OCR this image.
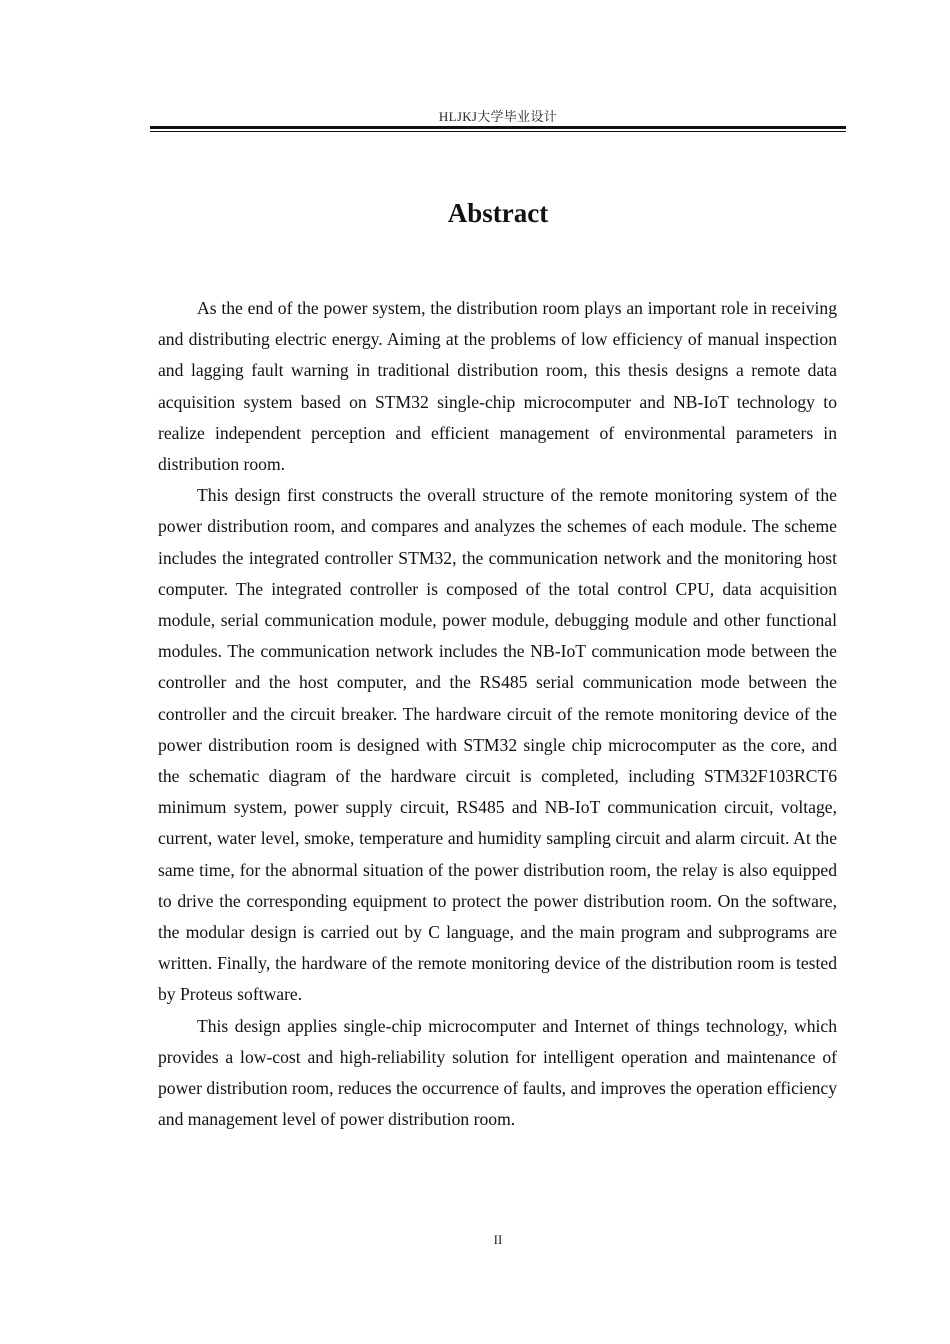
HLJKJ大学毕业设计
Abstract

As the end of the power system, the distribution room plays an important role in receiving and distributing electric energy. Aiming at the problems of low efficiency of manual inspection and lagging fault warning in traditional distribution room, this thesis designs a remote data acquisition system based on STM32 single-chip microcomputer and NB-IoT technology to realize independent perception and efficient management of environmental parameters in distribution room.

This design first constructs the overall structure of the remote monitoring system of the power distribution room, and compares and analyzes the schemes of each module. The scheme includes the integrated controller STM32, the communication network and the monitoring host computer. The integrated controller is composed of the total control CPU, data acquisition module, serial communication module, power module, debugging module and other functional modules. The communication network includes the NB-IoT communication mode between the controller and the host computer, and the RS485 serial communication mode between the controller and the circuit breaker. The hardware circuit of the remote monitoring device of the power distribution room is designed with STM32 single chip microcomputer as the core, and the schematic diagram of the hardware circuit is completed, including STM32F103RCT6 minimum system, power supply circuit, RS485 and NB-IoT communication circuit, voltage, current, water level, smoke, temperature and humidity sampling circuit and alarm circuit. At the same time, for the abnormal situation of the power distribution room, the relay is also equipped to drive the corresponding equipment to protect the power distribution room. On the software, the modular design is carried out by C language, and the main program and subprograms are written. Finally, the hardware of the remote monitoring device of the distribution room is tested by Proteus software.

This design applies single-chip microcomputer and Internet of things technology, which provides a low-cost and high-reliability solution for intelligent operation and maintenance of power distribution room, reduces the occurrence of faults, and improves the operation efficiency and management level of power distribution room.

II
